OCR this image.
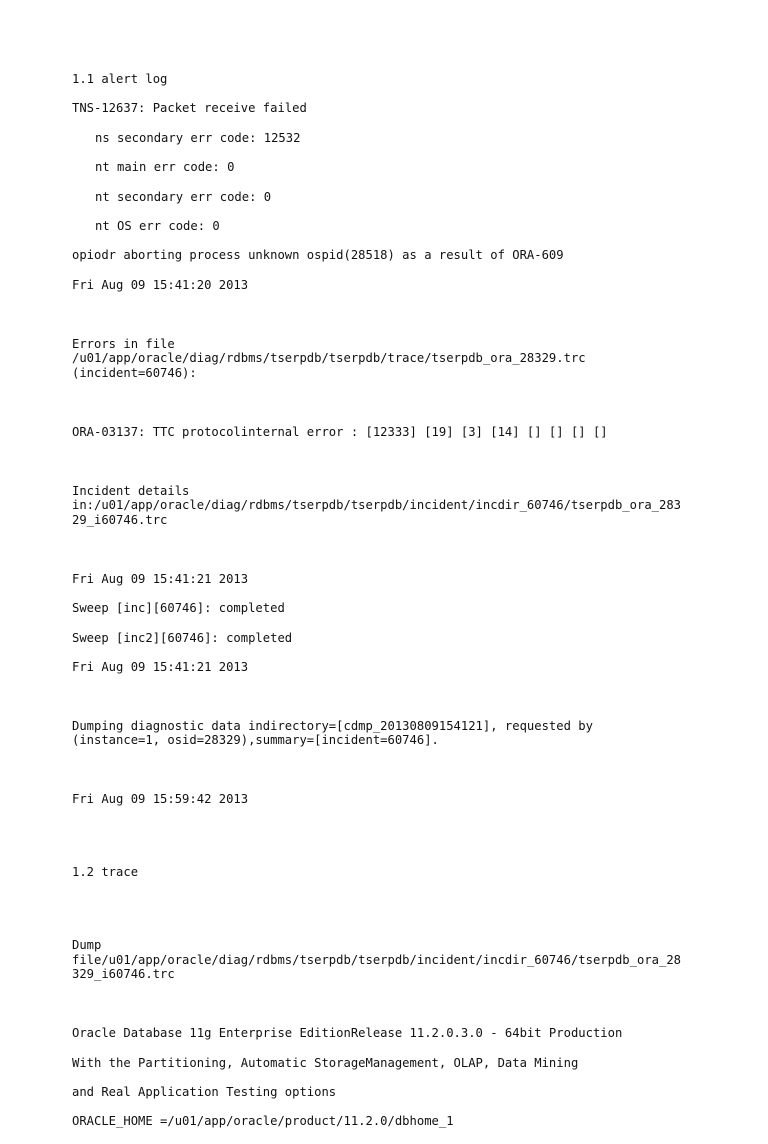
1.1 alert log

TNS-12637: Packet receive failed

ns secondary err code: 12532

nt main err code: 0

nt secondary err code: 0

nt OS err code: 0

opiodr aborting process unknown ospid(28518) as a result of ORA-609

Fri Aug 09 15:41:20 2013

Errors in file
/u01/app/oracle/diag/rdbms/tserpdb/tserpdb/trace/tserpdb_ora_28329.trc
(incident=60746):

ORA-03137: TTC protocolinternal error : [12333] [19] [3] [14] [] [] [] []

Incident details
in:/u01/app/oracle/diag/rdbms/tserpdb/tserpdb/incident/incdir_60746/tserpdb_ora_283
29_i60746.trc

Fri Aug 09 15:41:21 2013

Sweep [inc][60746]: completed

Sweep [inc2][60746]: completed

Fri Aug 09 15:41:21 2013

Dumping diagnostic data indirectory=[cdmp_20130809154121], requested by
(instance=1, osid=28329),summary=[incident=60746].

Fri Aug 09 15:59:42 2013

1.2 trace

Dump
file/u01/app/oracle/diag/rdbms/tserpdb/tserpdb/incident/incdir_60746/tserpdb_ora_28
329_i60746.trc

Oracle Database 11g Enterprise EditionRelease 11.2.0.3.0 - 64bit Production

With the Partitioning, Automatic StorageManagement, OLAP, Data Mining

and Real Application Testing options

ORACLE_HOME =/u01/app/oracle/product/11.2.0/dbhome_1
